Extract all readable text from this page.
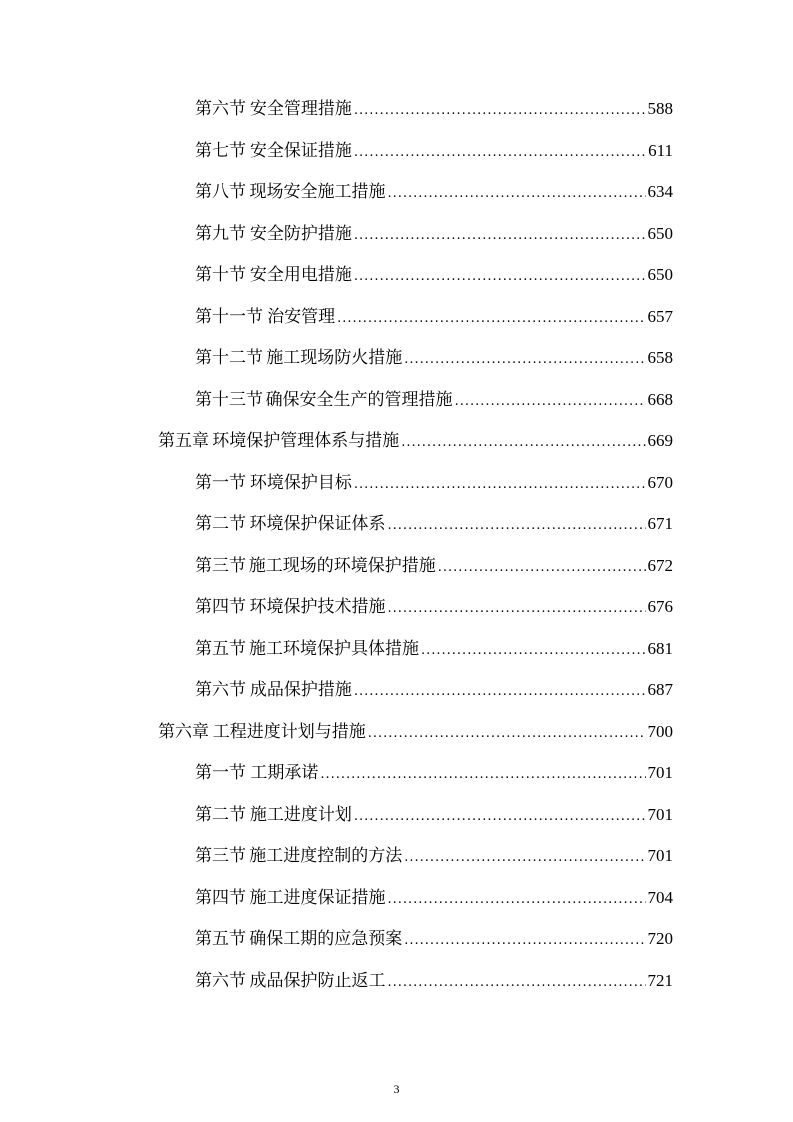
第六节 安全管理措施 .....	588
第七节 安全保证措施 .....	611
第八节 现场安全施工措施 .....	634
第九节 安全防护措施 .....	650
第十节 安全用电措施 .....	650
第十一节 治安管理 .....	657
第十二节 施工现场防火措施 .....	658
第十三节 确保安全生产的管理措施 .....	668
第五章 环境保护管理体系与措施 .....	669
第一节 环境保护目标 .....	670
第二节 环境保护保证体系 .....	671
第三节 施工现场的环境保护措施 .....	672
第四节 环境保护技术措施 .....	676
第五节 施工环境保护具体措施 .....	681
第六节 成品保护措施 .....	687
第六章 工程进度计划与措施 .....	700
第一节 工期承诺 .....	701
第二节 施工进度计划 .....	701
第三节 施工进度控制的方法 .....	701
第四节 施工进度保证措施 .....	704
第五节 确保工期的应急预案 .....	720
第六节 成品保护防止返工 .....	721
3
